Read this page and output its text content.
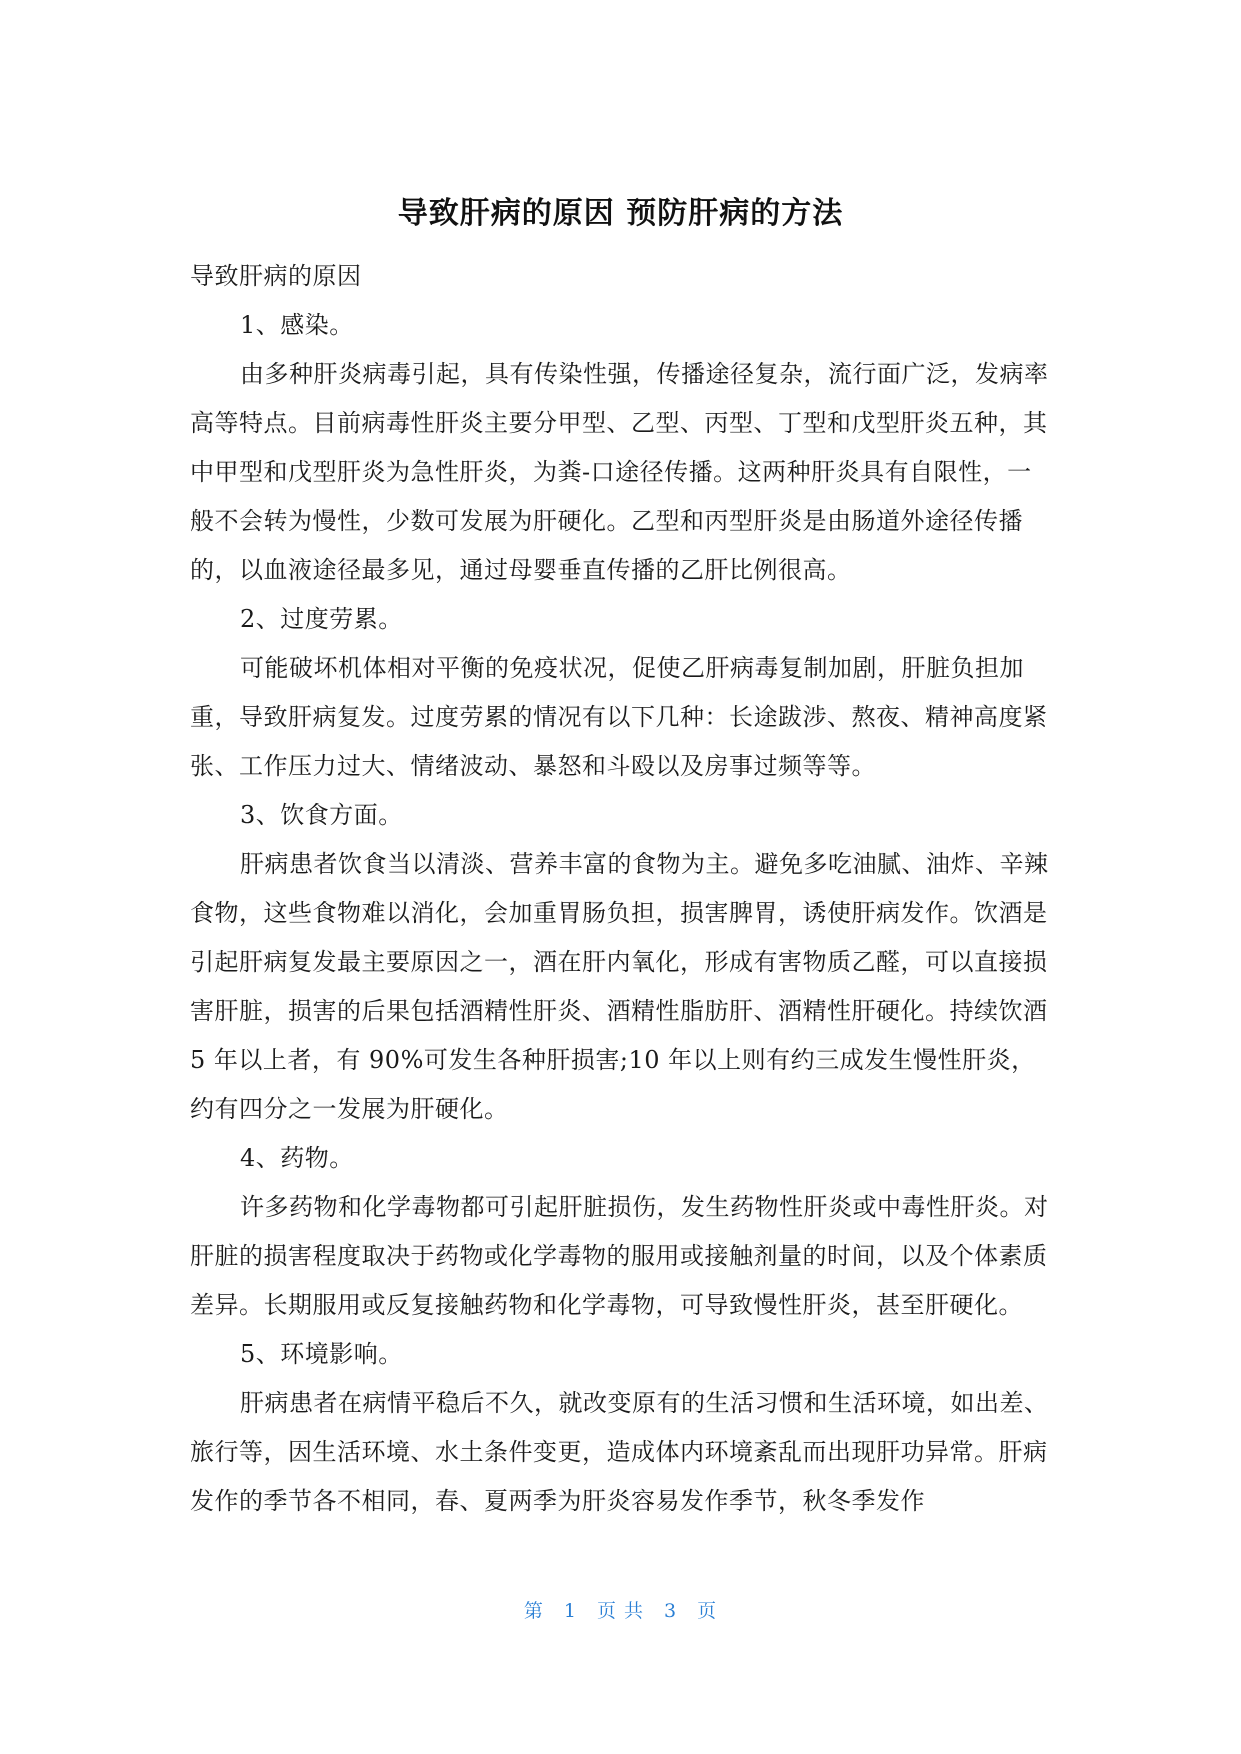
导致肝病的原因 预防肝病的方法

导致肝病的原因

1、感染。

由多种肝炎病毒引起，具有传染性强，传播途径复杂，流行面广泛，发病率高等特点。目前病毒性肝炎主要分甲型、乙型、丙型、丁型和戊型肝炎五种，其中甲型和戊型肝炎为急性肝炎，为粪-口途径传播。这两种肝炎具有自限性，一般不会转为慢性，少数可发展为肝硬化。乙型和丙型肝炎是由肠道外途径传播的，以血液途径最多见，通过母婴垂直传播的乙肝比例很高。

2、过度劳累。

可能破坏机体相对平衡的免疫状况，促使乙肝病毒复制加剧，肝脏负担加重，导致肝病复发。过度劳累的情况有以下几种：长途跋涉、熬夜、精神高度紧张、工作压力过大、情绪波动、暴怒和斗殴以及房事过频等等。

3、饮食方面。

肝病患者饮食当以清淡、营养丰富的食物为主。避免多吃油腻、油炸、辛辣食物，这些食物难以消化，会加重胃肠负担，损害脾胃，诱使肝病发作。饮酒是引起肝病复发最主要原因之一，酒在肝内氧化，形成有害物质乙醛，可以直接损害肝脏，损害的后果包括酒精性肝炎、酒精性脂肪肝、酒精性肝硬化。持续饮酒 5 年以上者，有 90%可发生各种肝损害;10 年以上则有约三成发生慢性肝炎，约有四分之一发展为肝硬化。

4、药物。

许多药物和化学毒物都可引起肝脏损伤，发生药物性肝炎或中毒性肝炎。对肝脏的损害程度取决于药物或化学毒物的服用或接触剂量的时间，以及个体素质差异。长期服用或反复接触药物和化学毒物，可导致慢性肝炎，甚至肝硬化。

5、环境影响。

肝病患者在病情平稳后不久，就改变原有的生活习惯和生活环境，如出差、旅行等，因生活环境、水土条件变更，造成体内环境紊乱而出现肝功异常。肝病发作的季节各不相同，春、夏两季为肝炎容易发作季节，秋冬季发作

第 1 页 共 3 页
